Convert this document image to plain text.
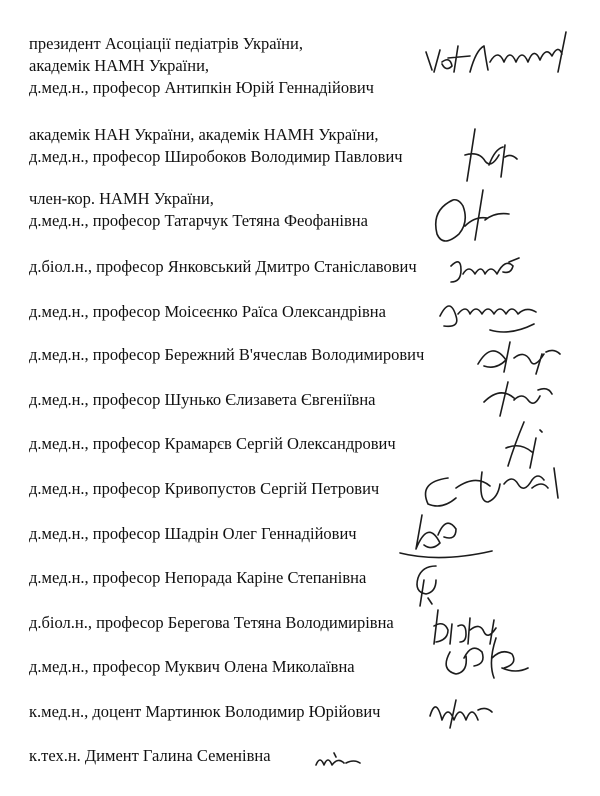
президент Асоціації педіатрів України,
академік НАМН України,
д.мед.н., професор Антипкін Юрій Геннадійович
академік НАН України, академік НАМН України,
д.мед.н., професор Широбоков Володимир Павлович
член-кор. НАМН України,
д.мед.н., професор Татарчук Тетяна Феофанівна
д.біол.н., професор Янковський Дмитро Станіславович
д.мед.н., професор Моісеєнко Раїса Олександрівна
д.мед.н., професор Бережний В'ячеслав Володимирович
д.мед.н., професор Шунько Єлизавета Євгеніївна
д.мед.н., професор Крамарєв Сергій Олександрович
д.мед.н., професор Кривопустов Сергій Петрович
д.мед.н., професор Шадрін Олег Геннадійович
д.мед.н., професор Непорада Каріне Степанівна
д.біол.н., професор Берегова Тетяна Володимирівна
д.мед.н., професор Муквич Олена Миколаївна
к.мед.н., доцент Мартинюк Володимир Юрійович
к.тех.н. Димент Галина Семенівна
